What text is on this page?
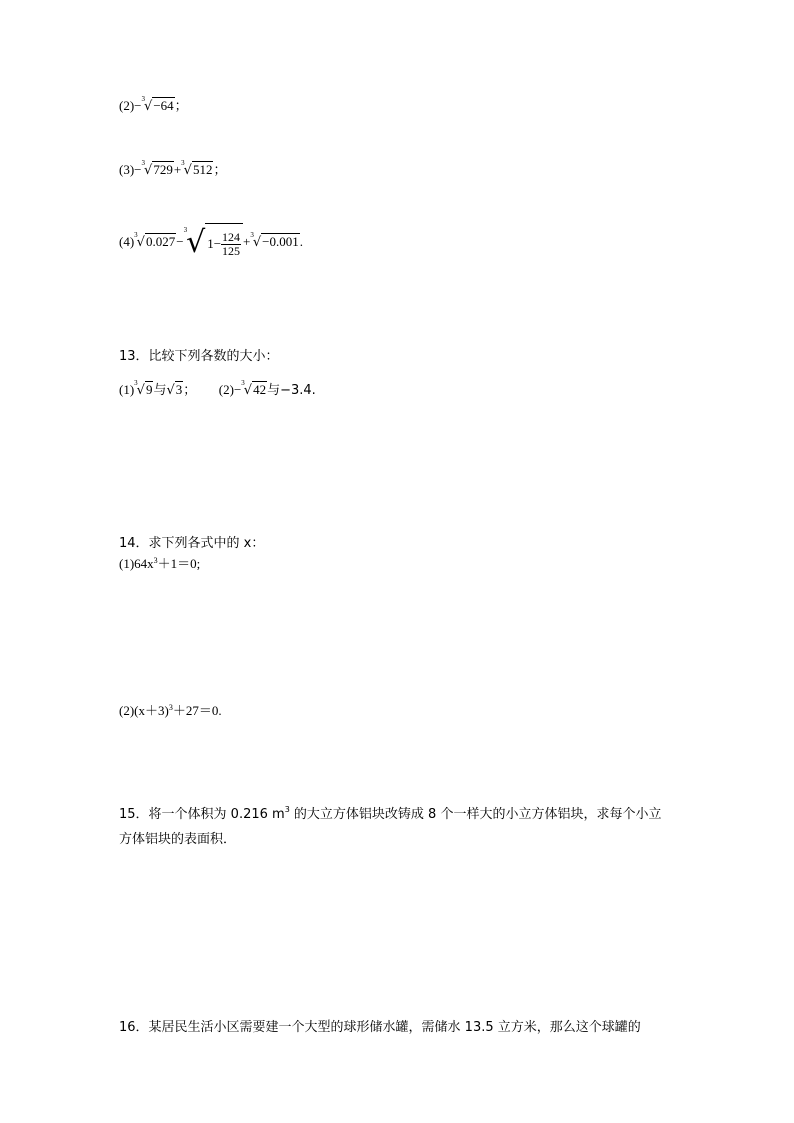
(2)−$^3$√−64；
(3)−$^3$√729+$^3$√512；
$(4)^3√0.027-^3√$ $1- \frac{124}{125} +^3√-0.001$.
13．比较下列各数的大小：
$(1)^3√9$与√3； (2)−$^3$√42与−3.4.
14．求下列各式中的 x：
$(1)64x^3+1=0$;
$(2)(x+3)^3+27=0$.
15．将一个体积为 0.216 $m^3$ 的大立方体铝块改铸成 8 个一样大的小立方体铝块，求每个小立
方体铝块的表面积．
16．某居民生活小区需要建一个大型的球形储水罐，需储水 13.5 立方米，那么这个球罐的
